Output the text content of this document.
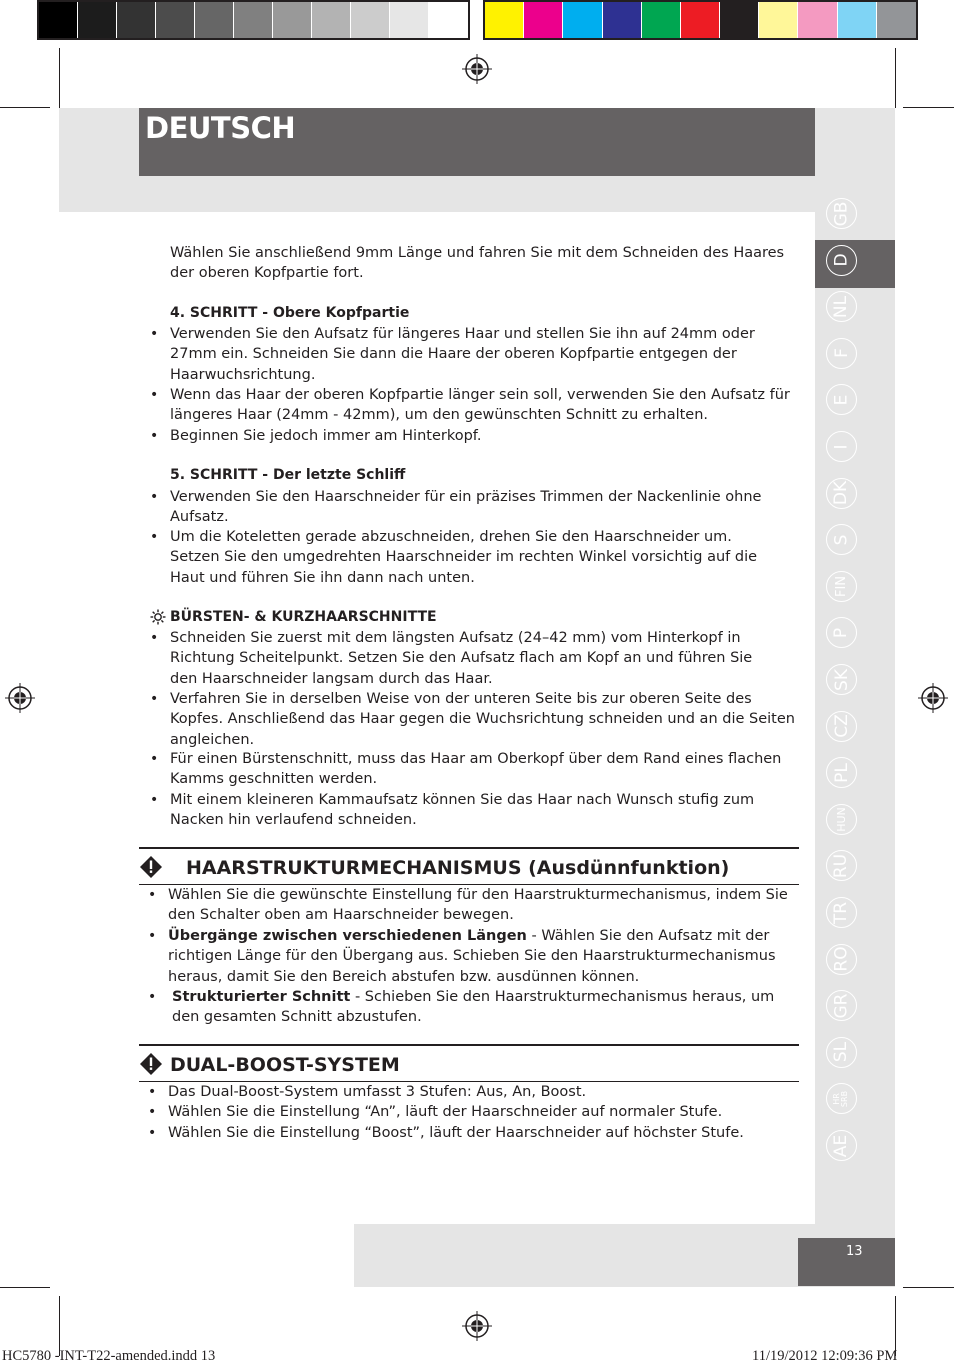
DEUTSCH
Wählen Sie anschließend 9mm Länge und fahren Sie mit dem Schneiden des Haares der oberen Kopfpartie fort.
4. SCHRITT - Obere Kopfpartie
• Verwenden Sie den Aufsatz für längeres Haar und stellen Sie ihn auf 24mm oder 27mm ein. Schneiden Sie dann die Haare der oberen Kopfpartie entgegen der Haarwuchsrichtung.
• Wenn das Haar der oberen Kopfpartie länger sein soll, verwenden Sie den Aufsatz für längeres Haar (24mm - 42mm), um den gewünschten Schnitt zu erhalten.
• Beginnen Sie jedoch immer am Hinterkopf.
5. SCHRITT - Der letzte Schliff
• Verwenden Sie den Haarschneider für ein präzises Trimmen der Nackenlinie ohne Aufsatz.
• Um die Koteletten gerade abzuschneiden, drehen Sie den Haarschneider um. Setzen Sie den umgedrehten Haarschneider im rechten Winkel vorsichtig auf die Haut und führen Sie ihn dann nach unten.
BÜRSTEN- & KURZHAARSCHNITTE
• Schneiden Sie zuerst mit dem längsten Aufsatz (24–42 mm) vom Hinterkopf in Richtung Scheitelpunkt. Setzen Sie den Aufsatz flach am Kopf an und führen Sie den Haarschneider langsam durch das Haar.
• Verfahren Sie in derselben Weise von der unteren Seite bis zur oberen Seite des Kopfes. Anschließend das Haar gegen die Wuchsrichtung schneiden und an die Seiten angleichen.
• Für einen Bürstenschnitt, muss das Haar am Oberkopf über dem Rand eines flachen Kamms geschnitten werden.
• Mit einem kleineren Kammaufsatz können Sie das Haar nach Wunsch stufig zum Nacken hin verlaufend schneiden.
HAARSTRUKTURMECHANISMUS (Ausdünnfunktion)
• Wählen Sie die gewünschte Einstellung für den Haarstrukturmechanismus, indem Sie den Schalter oben am Haarschneider bewegen.
• Übergänge zwischen verschiedenen Längen - Wählen Sie den Aufsatz mit der richtigen Länge für den Übergang aus. Schieben Sie den Haarstrukturmechanismus heraus, damit Sie den Bereich abstufen bzw. ausdünnen können.
• Strukturierter Schnitt - Schieben Sie den Haarstrukturmechanismus heraus, um den gesamten Schnitt abzustufen.
DUAL-BOOST-SYSTEM
• Das Dual-Boost-System umfasst 3 Stufen: Aus, An, Boost.
• Wählen Sie die Einstellung “An”, läuft der Haarschneider auf normaler Stufe.
• Wählen Sie die Einstellung “Boost”, läuft der Haarschneider auf höchster Stufe.
GB
D
NL
F
E
I
DK
S
FIN
P
SK
CZ
PL
HUN
RU
TR
RO
GR
SL
HR
SRB
AE
13
HC5780 -INT-T22-amended.indd 13	11/19/2012 12:09:36 PM
